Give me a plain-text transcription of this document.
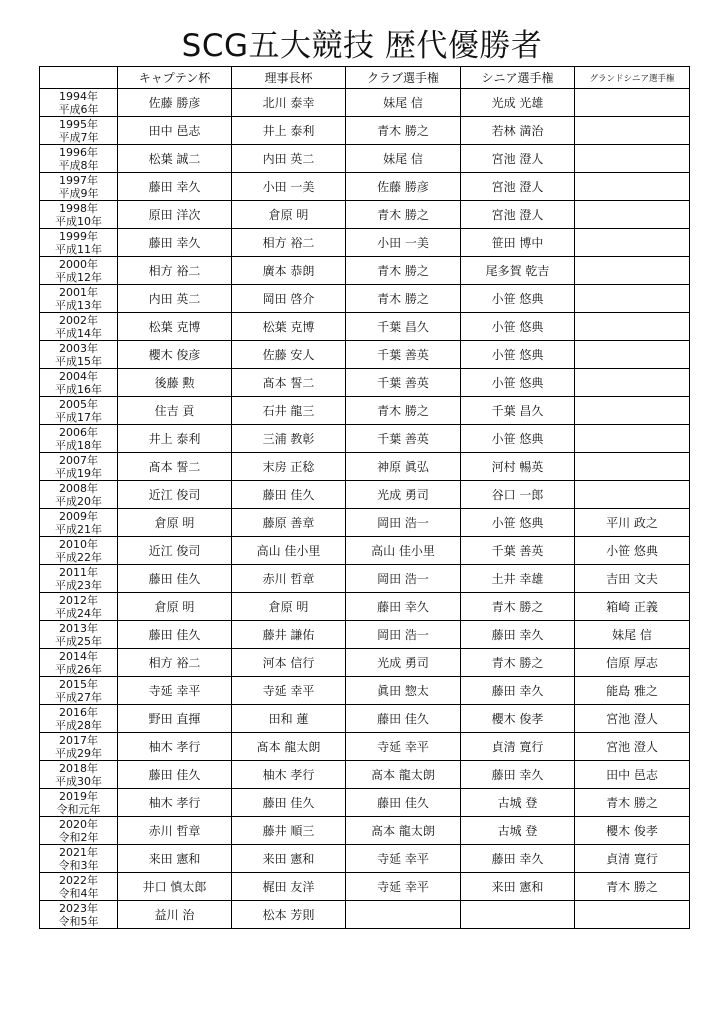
SCG五大競技 歴代優勝者
	キャプテン杯	理事長杯	クラブ選手権	シニア選手権	グランドシニア選手権

1994年
平成6年	佐藤 勝彦	北川 泰幸	妹尾 信	光成 光雄	

1995年
平成7年	田中 邑志	井上 泰利	青木 勝之	若林 満治	

1996年
平成8年	松葉 誠二	内田 英二	妹尾 信	宮池 澄人	

1997年
平成9年	藤田 幸久	小田 一美	佐藤 勝彦	宮池 澄人	

1998年
平成10年	原田 洋次	倉原 明	青木 勝之	宮池 澄人	

1999年
平成11年	藤田 幸久	相方 裕二	小田 一美	笹田 博中	

2000年
平成12年	相方 裕二	廣本 恭朗	青木 勝之	尾多賀 乾吉	

2001年
平成13年	内田 英二	岡田 啓介	青木 勝之	小笹 悠典	

2002年
平成14年	松葉 克博	松葉 克博	千葉 昌久	小笹 悠典	

2003年
平成15年	櫻木 俊彦	佐藤 安人	千葉 善英	小笹 悠典	

2004年
平成16年	後藤 勲	髙本 誓二	千葉 善英	小笹 悠典	

2005年
平成17年	住吉 貢	石井 龍三	青木 勝之	千葉 昌久	

2006年
平成18年	井上 泰利	三浦 教彰	千葉 善英	小笹 悠典	

2007年
平成19年	髙本 誓二	末房 正稔	神原 眞弘	河村 暢英	

2008年
平成20年	近江 俊司	藤田 佳久	光成 勇司	谷口 一郎	

2009年
平成21年	倉原 明	藤原 善章	岡田 浩一	小笹 悠典	平川 政之

2010年
平成22年	近江 俊司	高山 佳小里	高山 佳小里	千葉 善英	小笹 悠典

2011年
平成23年	藤田 佳久	赤川 哲章	岡田 浩一	土井 幸雄	吉田 文夫

2012年
平成24年	倉原 明	倉原 明	藤田 幸久	青木 勝之	箱崎 正義

2013年
平成25年	藤田 佳久	藤井 謙佑	岡田 浩一	藤田 幸久	妹尾 信

2014年
平成26年	相方 裕二	河本 信行	光成 勇司	青木 勝之	信原 厚志

2015年
平成27年	寺延 幸平	寺延 幸平	眞田 惣太	藤田 幸久	能島 雅之

2016年
平成28年	野田 直揮	田和 蓮	藤田 佳久	櫻木 俊孝	宮池 澄人

2017年
平成29年	柚木 孝行	髙本 龍太朗	寺延 幸平	貞清 寛行	宮池 澄人

2018年
平成30年	藤田 佳久	柚木 孝行	髙本 龍太朗	藤田 幸久	田中 邑志

2019年
令和元年	柚木 孝行	藤田 佳久	藤田 佳久	古城 登	青木 勝之

2020年
令和2年	赤川 哲章	藤井 順三	髙本 龍太朗	古城 登	櫻木 俊孝

2021年
令和3年	来田 憲和	来田 憲和	寺延 幸平	藤田 幸久	貞清 寛行

2022年
令和4年	井口 慎太郎	梶田 友洋	寺延 幸平	来田 憲和	青木 勝之

2023年
令和5年	益川 治	松本 芳則			
